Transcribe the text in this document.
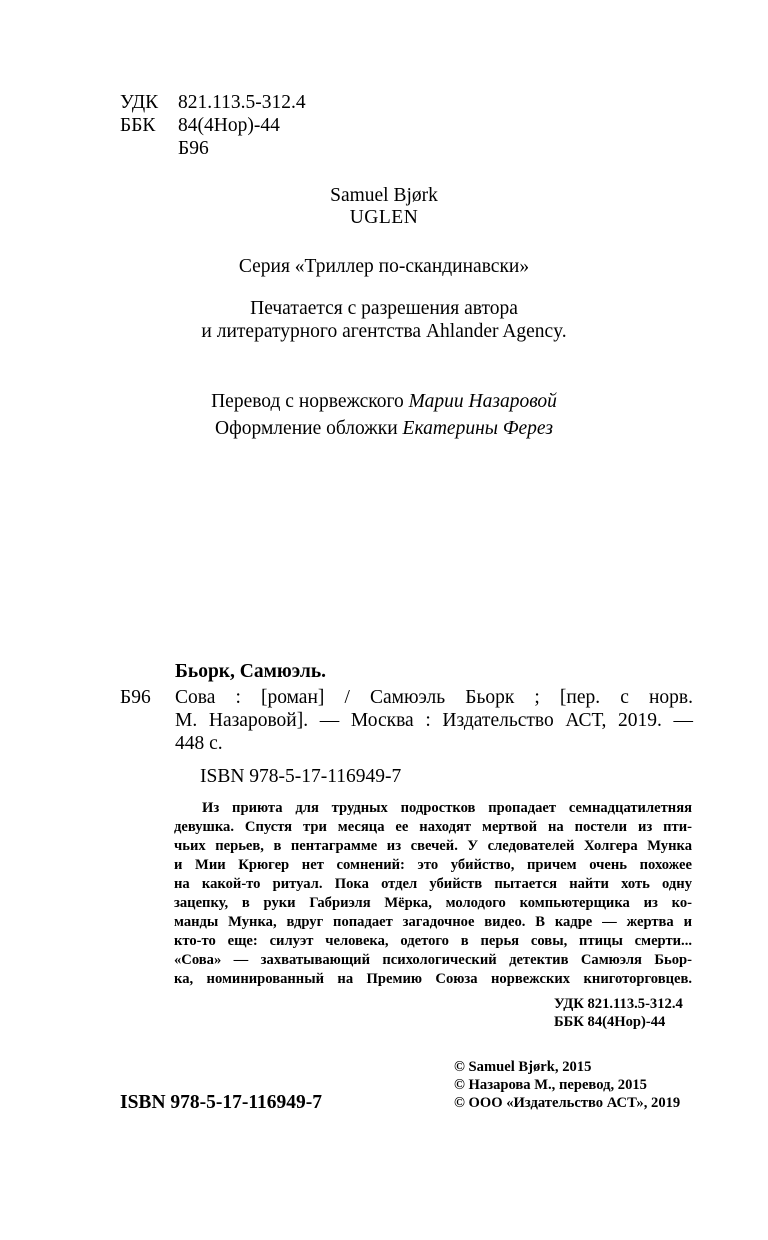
УДК 821.113.5-312.4
ББК 84(4Нор)-44
Б96
Samuel Bjørk
UGLEN
Серия «Триллер по-скандинавски»
Печатается с разрешения автора
и литературного агентства Ahlander Agency.
Перевод с норвежского Марии Назаровой
Оформление обложки Екатерины Ферез
Бьорк, Самюэль.
Б96 Сова : [роман] / Самюэль Бьорк ; [пер. с норв.
М. Назаровой]. — Москва : Издательство АСТ, 2019. —
448 с.
ISBN 978-5-17-116949-7
Из приюта для трудных подростков пропадает семнадцатилетняя
девушка. Спустя три месяца ее находят мертвой на постели из пти-
чьих перьев, в пентаграмме из свечей. У следователей Холгера Мунка
и Мии Крюгер нет сомнений: это убийство, причем очень похожее
на какой-то ритуал. Пока отдел убийств пытается найти хоть одну
зацепку, в руки Габриэля Мёрка, молодого компьютерщика из ко-
манды Мунка, вдруг попадает загадочное видео. В кадре — жертва и
кто-то еще: силуэт человека, одетого в перья совы, птицы смерти...
«Сова» — захватывающий психологический детектив Самюэля Бьор-
ка, номинированный на Премию Союза норвежских книготорговцев.
УДК 821.113.5-312.4
ББК 84(4Нор)-44
ISBN 978-5-17-116949-7
© Samuel Bjørk, 2015
© Назарова М., перевод, 2015
© ООО «Издательство АСТ», 2019
